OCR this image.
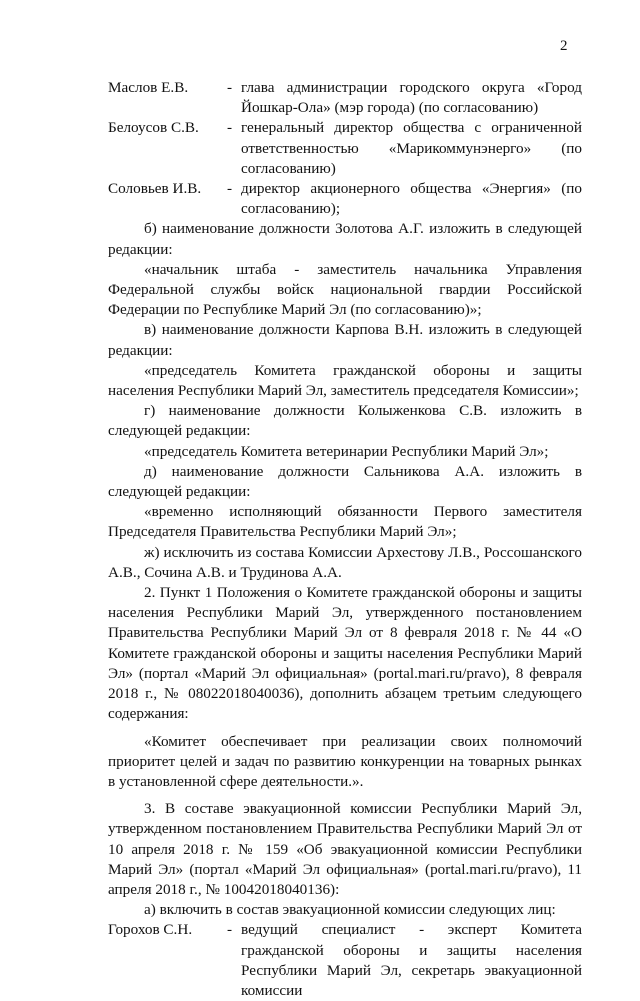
2
Маслов Е.В.	- глава администрации городского округа «Город Йошкар-Ола» (мэр города) (по согласованию)
Белоусов С.В.	- генеральный директор общества с ограниченной ответственностью «Марикоммунэнерго» (по согласованию)
Соловьев И.В.	- директор акционерного общества «Энергия» (по согласованию);
б) наименование должности Золотова А.Г. изложить в следующей редакции:
«начальник штаба - заместитель начальника Управления Федеральной службы войск национальной гвардии Российской Федерации по Республике Марий Эл (по согласованию)»;
в) наименование должности Карпова В.Н. изложить в следующей редакции:
«председатель Комитета гражданской обороны и защиты населения Республики Марий Эл, заместитель председателя Комиссии»;
г) наименование должности Колыженкова С.В. изложить в следующей редакции:
«председатель Комитета ветеринарии Республики Марий Эл»;
д) наименование должности Сальникова А.А. изложить в следующей редакции:
«временно исполняющий обязанности Первого заместителя Председателя Правительства Республики Марий Эл»;
ж) исключить из состава Комиссии Архестову Л.В., Россошанского А.В., Сочина А.В. и Трудинова А.А.
2. Пункт 1 Положения о Комитете гражданской обороны и защиты населения Республики Марий Эл, утвержденного постановлением Правительства Республики Марий Эл от 8 февраля 2018 г. № 44 «О Комитете гражданской обороны и защиты населения Республики Марий Эл» (портал «Марий Эл официальная» (portal.mari.ru/pravo), 8 февраля 2018 г., № 08022018040036), дополнить абзацем третьим следующего содержания:
«Комитет обеспечивает при реализации своих полномочий приоритет целей и задач по развитию конкуренции на товарных рынках в установленной сфере деятельности.».
3. В составе эвакуационной комиссии Республики Марий Эл, утвержденном постановлением Правительства Республики Марий Эл от 10 апреля 2018 г. № 159 «Об эвакуационной комиссии Республики Марий Эл» (портал «Марий Эл официальная» (portal.mari.ru/pravo), 11 апреля 2018 г., № 10042018040136):
а) включить в состав эвакуационной комиссии следующих лиц:
Горохов С.Н.	- ведущий специалист - эксперт Комитета гражданской обороны и защиты населения Республики Марий Эл, секретарь эвакуационной комиссии
